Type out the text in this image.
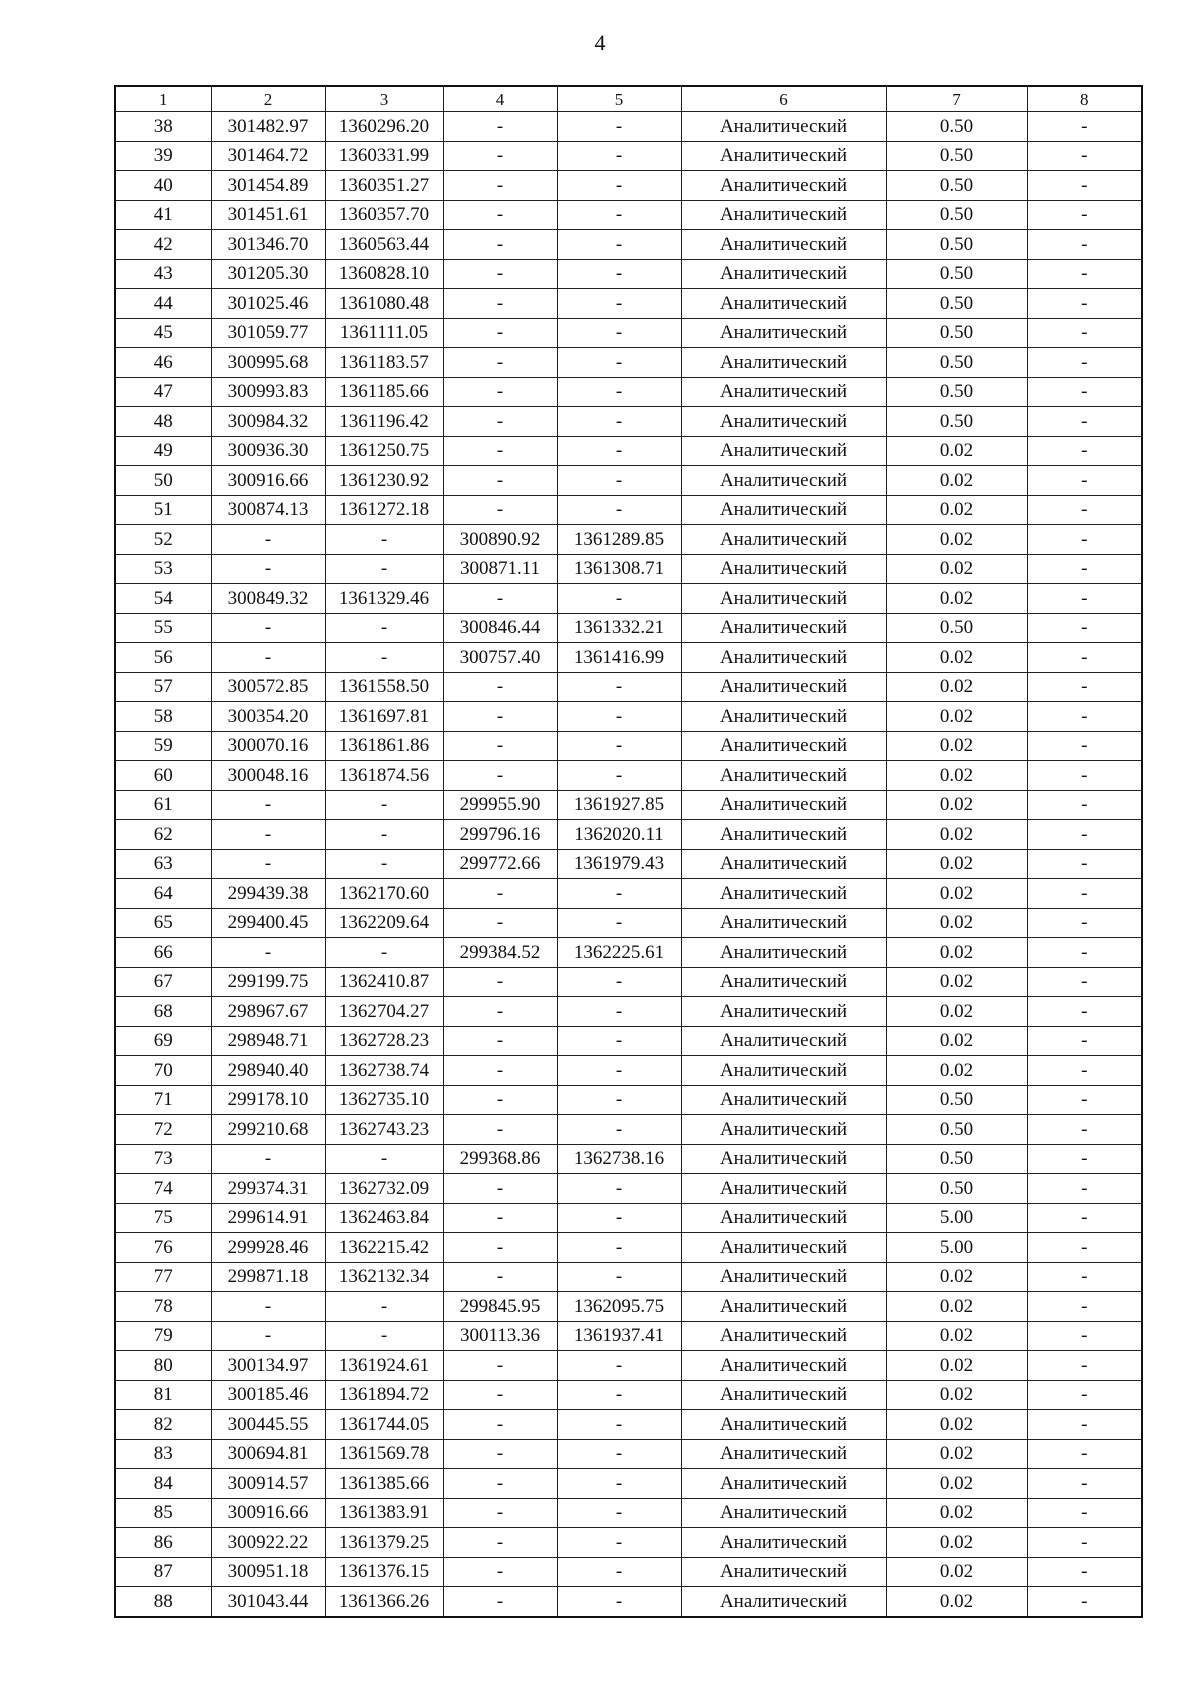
4
1	2	3	4	5	6	7	8
38	301482.97	1360296.20	-	-	Аналитический	0.50	-
39	301464.72	1360331.99	-	-	Аналитический	0.50	-
40	301454.89	1360351.27	-	-	Аналитический	0.50	-
41	301451.61	1360357.70	-	-	Аналитический	0.50	-
42	301346.70	1360563.44	-	-	Аналитический	0.50	-
43	301205.30	1360828.10	-	-	Аналитический	0.50	-
44	301025.46	1361080.48	-	-	Аналитический	0.50	-
45	301059.77	1361111.05	-	-	Аналитический	0.50	-
46	300995.68	1361183.57	-	-	Аналитический	0.50	-
47	300993.83	1361185.66	-	-	Аналитический	0.50	-
48	300984.32	1361196.42	-	-	Аналитический	0.50	-
49	300936.30	1361250.75	-	-	Аналитический	0.02	-
50	300916.66	1361230.92	-	-	Аналитический	0.02	-
51	300874.13	1361272.18	-	-	Аналитический	0.02	-
52	-	-	300890.92	1361289.85	Аналитический	0.02	-
53	-	-	300871.11	1361308.71	Аналитический	0.02	-
54	300849.32	1361329.46	-	-	Аналитический	0.02	-
55	-	-	300846.44	1361332.21	Аналитический	0.50	-
56	-	-	300757.40	1361416.99	Аналитический	0.02	-
57	300572.85	1361558.50	-	-	Аналитический	0.02	-
58	300354.20	1361697.81	-	-	Аналитический	0.02	-
59	300070.16	1361861.86	-	-	Аналитический	0.02	-
60	300048.16	1361874.56	-	-	Аналитический	0.02	-
61	-	-	299955.90	1361927.85	Аналитический	0.02	-
62	-	-	299796.16	1362020.11	Аналитический	0.02	-
63	-	-	299772.66	1361979.43	Аналитический	0.02	-
64	299439.38	1362170.60	-	-	Аналитический	0.02	-
65	299400.45	1362209.64	-	-	Аналитический	0.02	-
66	-	-	299384.52	1362225.61	Аналитический	0.02	-
67	299199.75	1362410.87	-	-	Аналитический	0.02	-
68	298967.67	1362704.27	-	-	Аналитический	0.02	-
69	298948.71	1362728.23	-	-	Аналитический	0.02	-
70	298940.40	1362738.74	-	-	Аналитический	0.02	-
71	299178.10	1362735.10	-	-	Аналитический	0.50	-
72	299210.68	1362743.23	-	-	Аналитический	0.50	-
73	-	-	299368.86	1362738.16	Аналитический	0.50	-
74	299374.31	1362732.09	-	-	Аналитический	0.50	-
75	299614.91	1362463.84	-	-	Аналитический	5.00	-
76	299928.46	1362215.42	-	-	Аналитический	5.00	-
77	299871.18	1362132.34	-	-	Аналитический	0.02	-
78	-	-	299845.95	1362095.75	Аналитический	0.02	-
79	-	-	300113.36	1361937.41	Аналитический	0.02	-
80	300134.97	1361924.61	-	-	Аналитический	0.02	-
81	300185.46	1361894.72	-	-	Аналитический	0.02	-
82	300445.55	1361744.05	-	-	Аналитический	0.02	-
83	300694.81	1361569.78	-	-	Аналитический	0.02	-
84	300914.57	1361385.66	-	-	Аналитический	0.02	-
85	300916.66	1361383.91	-	-	Аналитический	0.02	-
86	300922.22	1361379.25	-	-	Аналитический	0.02	-
87	300951.18	1361376.15	-	-	Аналитический	0.02	-
88	301043.44	1361366.26	-	-	Аналитический	0.02	-
